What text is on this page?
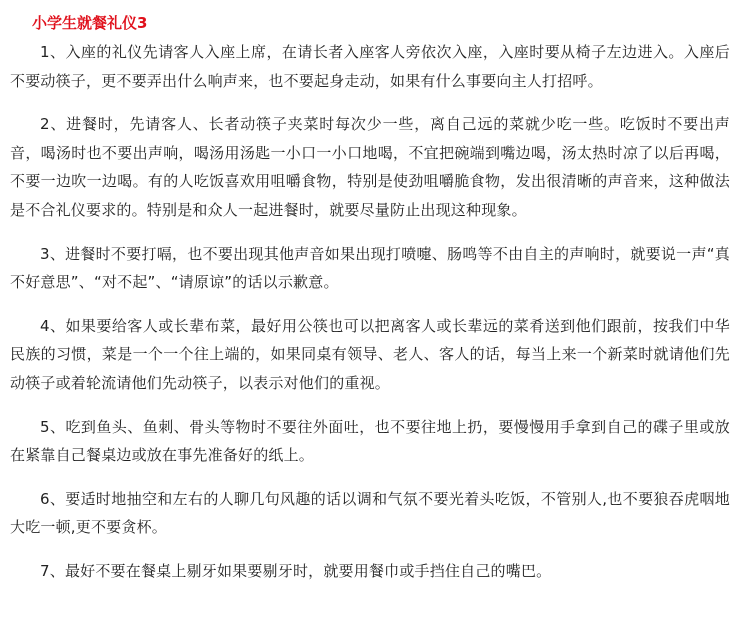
小学生就餐礼仪3

1、入座的礼仪先请客人入座上席，在请长者入座客人旁依次入座，入座时要从椅子左边进入。入座后不要动筷子，更不要弄出什么响声来，也不要起身走动，如果有什么事要向主人打招呼。

2、进餐时，先请客人、长者动筷子夹菜时每次少一些，离自己远的菜就少吃一些。吃饭时不要出声音，喝汤时也不要出声响，喝汤用汤匙一小口一小口地喝，不宜把碗端到嘴边喝，汤太热时凉了以后再喝，不要一边吹一边喝。有的人吃饭喜欢用咀嚼食物，特别是使劲咀嚼脆食物，发出很清晰的声音来，这种做法是不合礼仪要求的。特别是和众人一起进餐时，就要尽量防止出现这种现象。

3、进餐时不要打嗝，也不要出现其他声音如果出现打喷嚏、肠鸣等不由自主的声响时，就要说一声“真不好意思”、“对不起”、“请原谅”的话以示歉意。

4、如果要给客人或长辈布菜，最好用公筷也可以把离客人或长辈远的菜肴送到他们跟前，按我们中华民族的习惯，菜是一个一个往上端的，如果同桌有领导、老人、客人的话，每当上来一个新菜时就请他们先动筷子或着轮流请他们先动筷子，以表示对他们的重视。

5、吃到鱼头、鱼刺、骨头等物时不要往外面吐，也不要往地上扔，要慢慢用手拿到自己的碟子里或放在紧靠自己餐桌边或放在事先准备好的纸上。

6、要适时地抽空和左右的人聊几句风趣的话以调和气氛不要光着头吃饭，不管别人,也不要狼吞虎咽地大吃一顿,更不要贪杯。

7、最好不要在餐桌上剔牙如果要剔牙时，就要用餐巾或手挡住自己的嘴巴。
